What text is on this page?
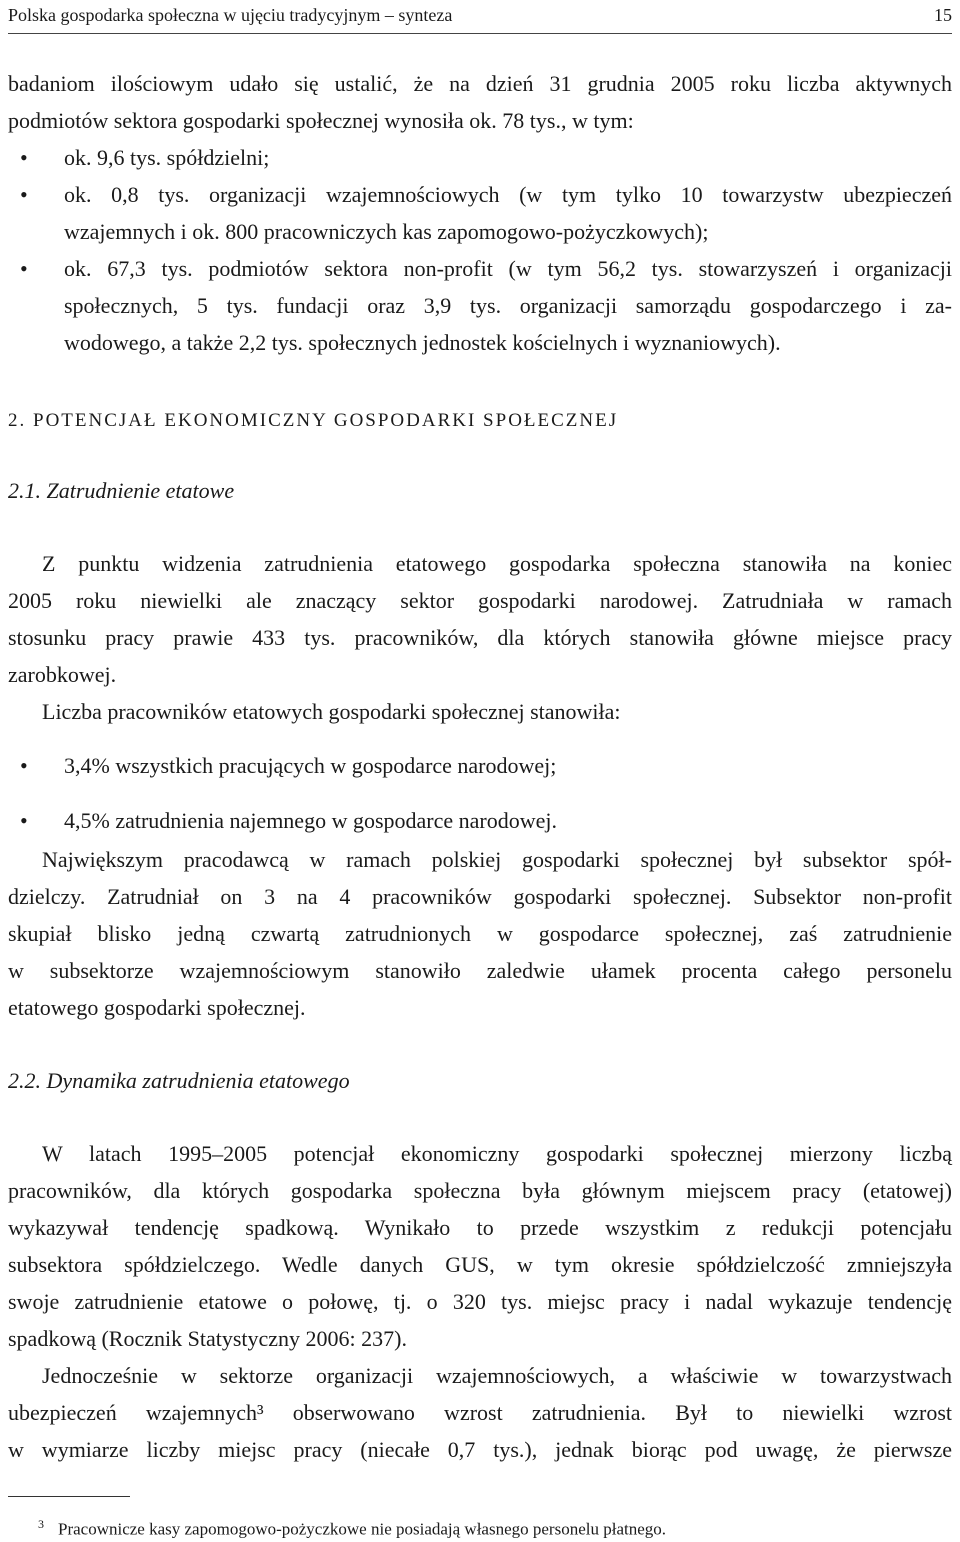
Polska gospodarka społeczna w ujęciu tradycyjnym – synteza	15
badaniom ilościowym udało się ustalić, że na dzień 31 grudnia 2005 roku liczba aktywnych
podmiotów sektora gospodarki społecznej wynosiła ok. 78 tys., w tym:
• ok. 9,6 tys. spółdzielni;
• ok. 0,8 tys. organizacji wzajemnościowych (w tym tylko 10 towarzystw ubezpieczeń
wzajemnych i ok. 800 pracowniczych kas zapomogowo-pożyczkowych);
• ok. 67,3 tys. podmiotów sektora non-profit (w tym 56,2 tys. stowarzyszeń i organizacji
społecznych, 5 tys. fundacji oraz 3,9 tys. organizacji samorządu gospodarczego i za-
wodowego, a także 2,2 tys. społecznych jednostek kościelnych i wyznaniowych).
2. POTENCJAŁ EKONOMICZNY GOSPODARKI SPOŁECZNEJ
2.1. Zatrudnienie etatowe
Z punktu widzenia zatrudnienia etatowego gospodarka społeczna stanowiła na koniec
2005 roku niewielki ale znaczący sektor gospodarki narodowej. Zatrudniała w ramach
stosunku pracy prawie 433 tys. pracowników, dla których stanowiła główne miejsce pracy
zarobkowej.
Liczba pracowników etatowych gospodarki społecznej stanowiła:
• 3,4% wszystkich pracujących w gospodarce narodowej;
• 4,5% zatrudnienia najemnego w gospodarce narodowej.
Największym pracodawcą w ramach polskiej gospodarki społecznej był subsektor spół-
dzielczy. Zatrudniał on 3 na 4 pracowników gospodarki społecznej. Subsektor non-profit
skupiał blisko jedną czwartą zatrudnionych w gospodarce społecznej, zaś zatrudnienie
w subsektorze wzajemnościowym stanowiło zaledwie ułamek procenta całego personelu
etatowego gospodarki społecznej.
2.2. Dynamika zatrudnienia etatowego
W latach 1995–2005 potencjał ekonomiczny gospodarki społecznej mierzony liczbą
pracowników, dla których gospodarka społeczna była głównym miejscem pracy (etatowej)
wykazywał tendencję spadkową. Wynikało to przede wszystkim z redukcji potencjału
subsektora spółdzielczego. Wedle danych GUS, w tym okresie spółdzielczość zmniejszyła
swoje zatrudnienie etatowe o połowę, tj. o 320 tys. miejsc pracy i nadal wykazuje tendencję
spadkową (Rocznik Statystyczny 2006: 237).
Jednocześnie w sektorze organizacji wzajemnościowych, a właściwie w towarzystwach
ubezpieczeń wzajemnych³ obserwowano wzrost zatrudnienia. Był to niewielki wzrost
w wymiarze liczby miejsc pracy (niecałe 0,7 tys.), jednak biorąc pod uwagę, że pierwsze
$^3$ Pracownicze kasy zapomogowo-pożyczkowe nie posiadają własnego personelu płatnego.
